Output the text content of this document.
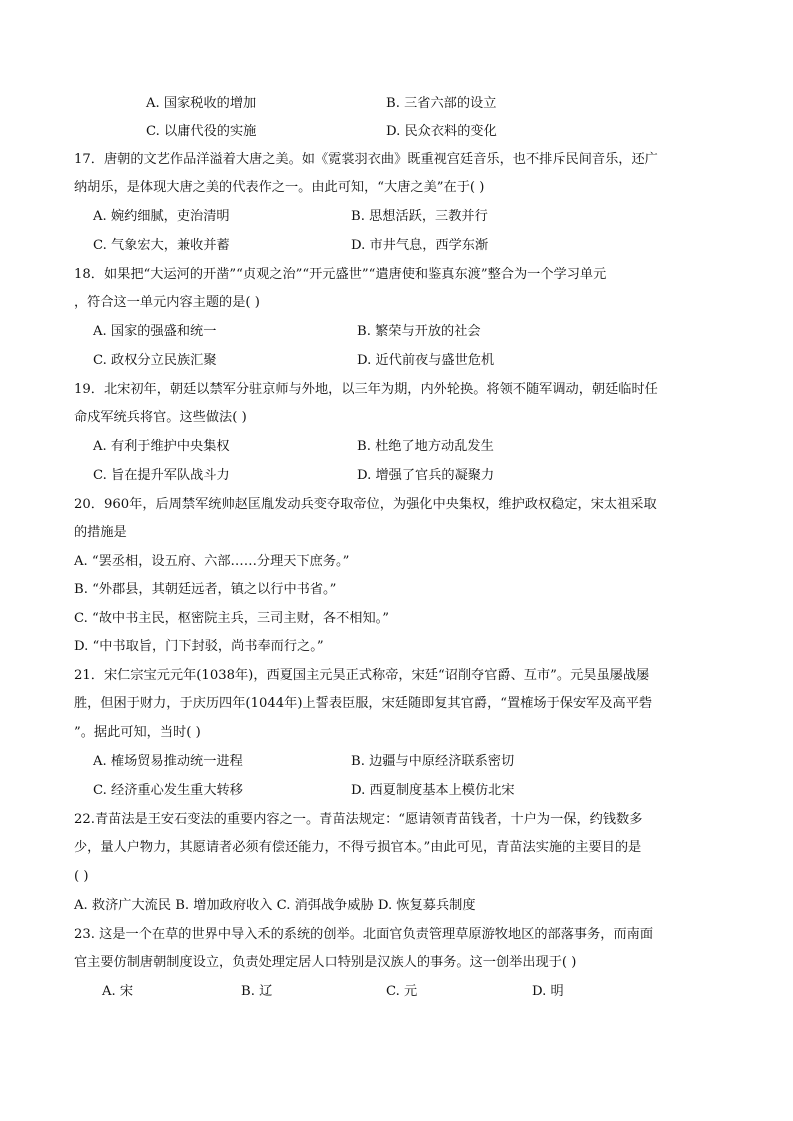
A. 国家税收的增加	B. 三省六部的设立
C. 以庸代役的实施	D. 民众衣料的变化
17．唐朝的文艺作品洋溢着大唐之美。如《霓裳羽衣曲》既重视宫廷音乐，也不排斥民间音乐，还广
纳胡乐，是体现大唐之美的代表作之一。由此可知，“大唐之美”在于( )
A. 婉约细腻，吏治清明	B. 思想活跃，三教并行
C. 气象宏大，兼收并蓄	D. 市井气息，西学东渐
18．如果把“大运河的开凿”“贞观之治”“开元盛世”“遣唐使和鉴真东渡”整合为一个学习单元
，符合这一单元内容主题的是( )
A. 国家的强盛和统一	B. 繁荣与开放的社会
C. 政权分立民族汇聚	D. 近代前夜与盛世危机
19．北宋初年，朝廷以禁军分驻京师与外地，以三年为期，内外轮换。将领不随军调动，朝廷临时任
命戍军统兵将官。这些做法( )
A. 有利于维护中央集权	B. 杜绝了地方动乱发生
C. 旨在提升军队战斗力	D. 增强了官兵的凝聚力
20．960年，后周禁军统帅赵匡胤发动兵变夺取帝位，为强化中央集权，维护政权稳定，宋太祖采取
的措施是
A. “罢丞相，设五府、六部……分理天下庶务。”
B. “外郡县，其朝廷远者，镇之以行中书省。”
C. “故中书主民，枢密院主兵，三司主财，各不相知。”
D. “中书取旨，门下封驳，尚书奉而行之。”
21．宋仁宗宝元元年(1038年)，西夏国主元昊正式称帝，宋廷“诏削夺官爵、互市”。元昊虽屡战屡
胜，但困于财力，于庆历四年(1044年)上誓表臣服，宋廷随即复其官爵，“置榷场于保安军及高平砦
”。据此可知，当时( )
A. 榷场贸易推动统一进程	B. 边疆与中原经济联系密切
C. 经济重心发生重大转移	D. 西夏制度基本上模仿北宋
22.青苗法是王安石变法的重要内容之一。青苗法规定：“愿请领青苗钱者，十户为一保，约钱数多
少，量人户物力，其愿请者必须有偿还能力，不得亏损官本。”由此可见，青苗法实施的主要目的是
( )
A. 救济广大流民 B. 增加政府收入 C. 消弭战争威胁 D. 恢复募兵制度
23. 这是一个在草的世界中导入禾的系统的创举。北面官负责管理草原游牧地区的部落事务，而南面
官主要仿制唐朝制度设立，负责处理定居人口特别是汉族人的事务。这一创举出现于( )
A. 宋	B. 辽	C. 元	D. 明
